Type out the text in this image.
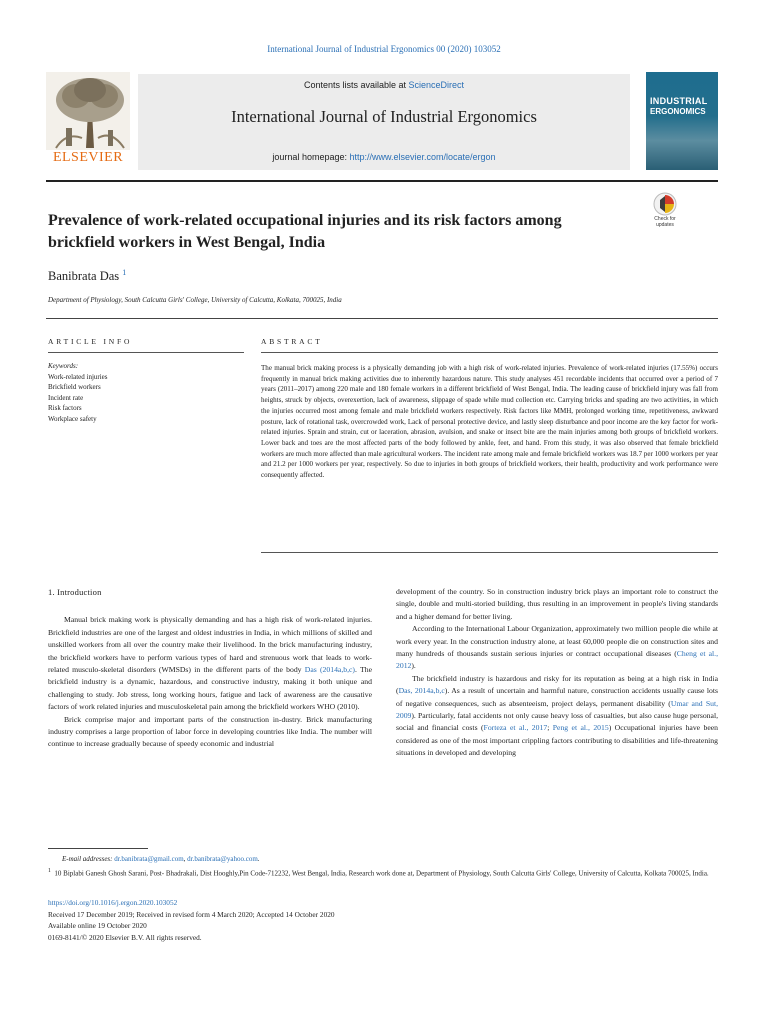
International Journal of Industrial Ergonomics 00 (2020) 103052
ELSEVIER
Contents lists available at ScienceDirect
International Journal of Industrial Ergonomics
journal homepage: http://www.elsevier.com/locate/ergon
INDUSTRIAL
ERGONOMICS
Prevalence of work-related occupational injuries and its risk factors among brickfield workers in West Bengal, India
Check for
updates
Banibrata Das $^1$
Department of Physiology, South Calcutta Girls' College, University of Calcutta, Kolkata, 700025, India
ARTICLE INFO	ABSTRACT
Keywords:
Work-related injuries
Brickfield workers
Incident rate
Risk factors
Workplace safety
The manual brick making process is a physically demanding job with a high risk of work-related injuries. Prevalence of work-related injuries (17.55%) occurs frequently in manual brick making activities due to inherently hazardous nature. This study analyses 451 recordable incidents that occurred over a period of 7 years (2011–2017) among 220 male and 180 female workers in a different brickfield of West Bengal, India. The leading cause of brickfield injury was fall from heights, struck by objects, overexertion, lack of awareness, slippage of spade while mud collection etc. Carrying bricks and spading are two activities, in which the injuries occurred most among female and male brickfield workers respectively. Risk factors like MMH, prolonged working time, repetitiveness, awkward posture, lack of rotational task, overcrowded work, Lack of personal protective device, and lastly sleep disturbance and poor income are the key factor for work-related injuries. Sprain and strain, cut or laceration, abrasion, avulsion, and snake or insect bite are the main injuries among both groups of brickfield workers. Lower back and toes are the most affected parts of the body followed by ankle, feet, and hand. From this study, it was also observed that female brickfield workers are much more affected than male agricultural workers. The incident rate among male and female brickfield workers was 18.7 per 1000 workers per year and 21.2 per 1000 workers per year, respectively. So due to injuries in both groups of brickfield workers, their health, productivity and work performance were consequently affected.
1. Introduction

Manual brick making work is physically demanding and has a high risk of work-related injuries. Brickfield industries are one of the largest and oldest industries in India, in which millions of skilled and unskilled workers from all over the country make their livelihood. In the brick manufacturing industry, the brickfield workers have to perform various types of hard and strenuous work that leads to work-related musculo-skeletal disorders (WMSDs) in the different parts of the body Das (2014a,b,c). The brickfield industry is a dynamic, hazardous, and constructive industry, making it both unique and challenging to study. Job stress, long working hours, fatigue and lack of awareness are the causative factors of work related injuries and musculoskeletal pain among the brickfield workers WHO (2010).

Brick comprise major and important parts of the construction in-dustry. Brick manufacturing industry comprises a large proportion of labor force in developing countries like India. The number will continue to increase gradually because of speedy economic and industrial

development of the country. So in construction industry brick plays an important role to construct the single, double and multi-storied building, thus resulting in an improvement in people's living standards and a higher demand for better living.

According to the International Labour Organization, approximately two million people die while at work every year. In the construction industry alone, at least 60,000 people die on construction sites and many hundreds of thousands sustain serious injuries or contract occupational diseases (Cheng et al., 2012).

The brickfield industry is hazardous and risky for its reputation as being at a high risk in India (Das, 2014a,b,c). As a result of uncertain and harmful nature, construction accidents usually cause lots of negative consequences, such as absenteeism, project delays, permanent disability (Umar and Sut, 2009). Particularly, fatal accidents not only cause heavy loss of casualties, but also cause huge personal, social and financial costs (Forteza et al., 2017; Peng et al., 2015) Occupational injuries have been considered as one of the most important crippling factors contributing to disabilities and life-threatening situations in developed and developing

E-mail addresses: dr.banibrata@gmail.com, dr.banibrata@yahoo.com.
$^1$ 10 Biplabi Ganesh Ghosh Sarani, Post- Bhadrakali, Dist Hooghly,Pin Code-712232, West Bengal, India, Research work done at, Department of Physiology, South Calcutta Girls' College, University of Calcutta, Kolkata 700025, India.
https://doi.org/10.1016/j.ergon.2020.103052
Received 17 December 2019; Received in revised form 4 March 2020; Accepted 14 October 2020
Available online 19 October 2020
0169-8141/© 2020 Elsevier B.V. All rights reserved.
